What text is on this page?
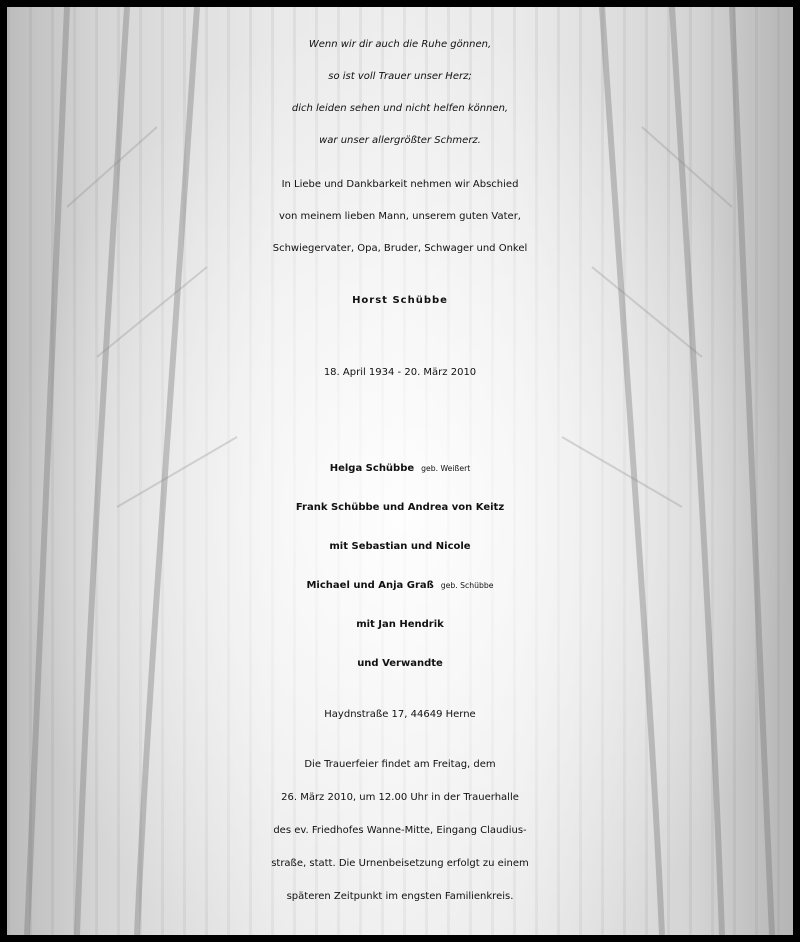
Wenn wir dir auch die Ruhe gönnen,
so ist voll Trauer unser Herz;
dich leiden sehen und nicht helfen können,
war unser allergrößter Schmerz.
In Liebe und Dankbarkeit nehmen wir Abschied
von meinem lieben Mann, unserem guten Vater,
Schwiegervater, Opa, Bruder, Schwager und Onkel
Horst Schübbe
18. April 1934 - 20. März 2010
Helga Schübbe geb. Weißert
Frank Schübbe und Andrea von Keitz
mit Sebastian und Nicole
Michael und Anja Graß geb. Schübbe
mit Jan Hendrik
und Verwandte
Haydnstraße 17, 44649 Herne
Die Trauerfeier findet am Freitag, dem
26. März 2010, um 12.00 Uhr in der Trauerhalle
des ev. Friedhofes Wanne-Mitte, Eingang Claudius-
straße, statt. Die Urnenbeisetzung erfolgt zu einem
späteren Zeitpunkt im engsten Familienkreis.
